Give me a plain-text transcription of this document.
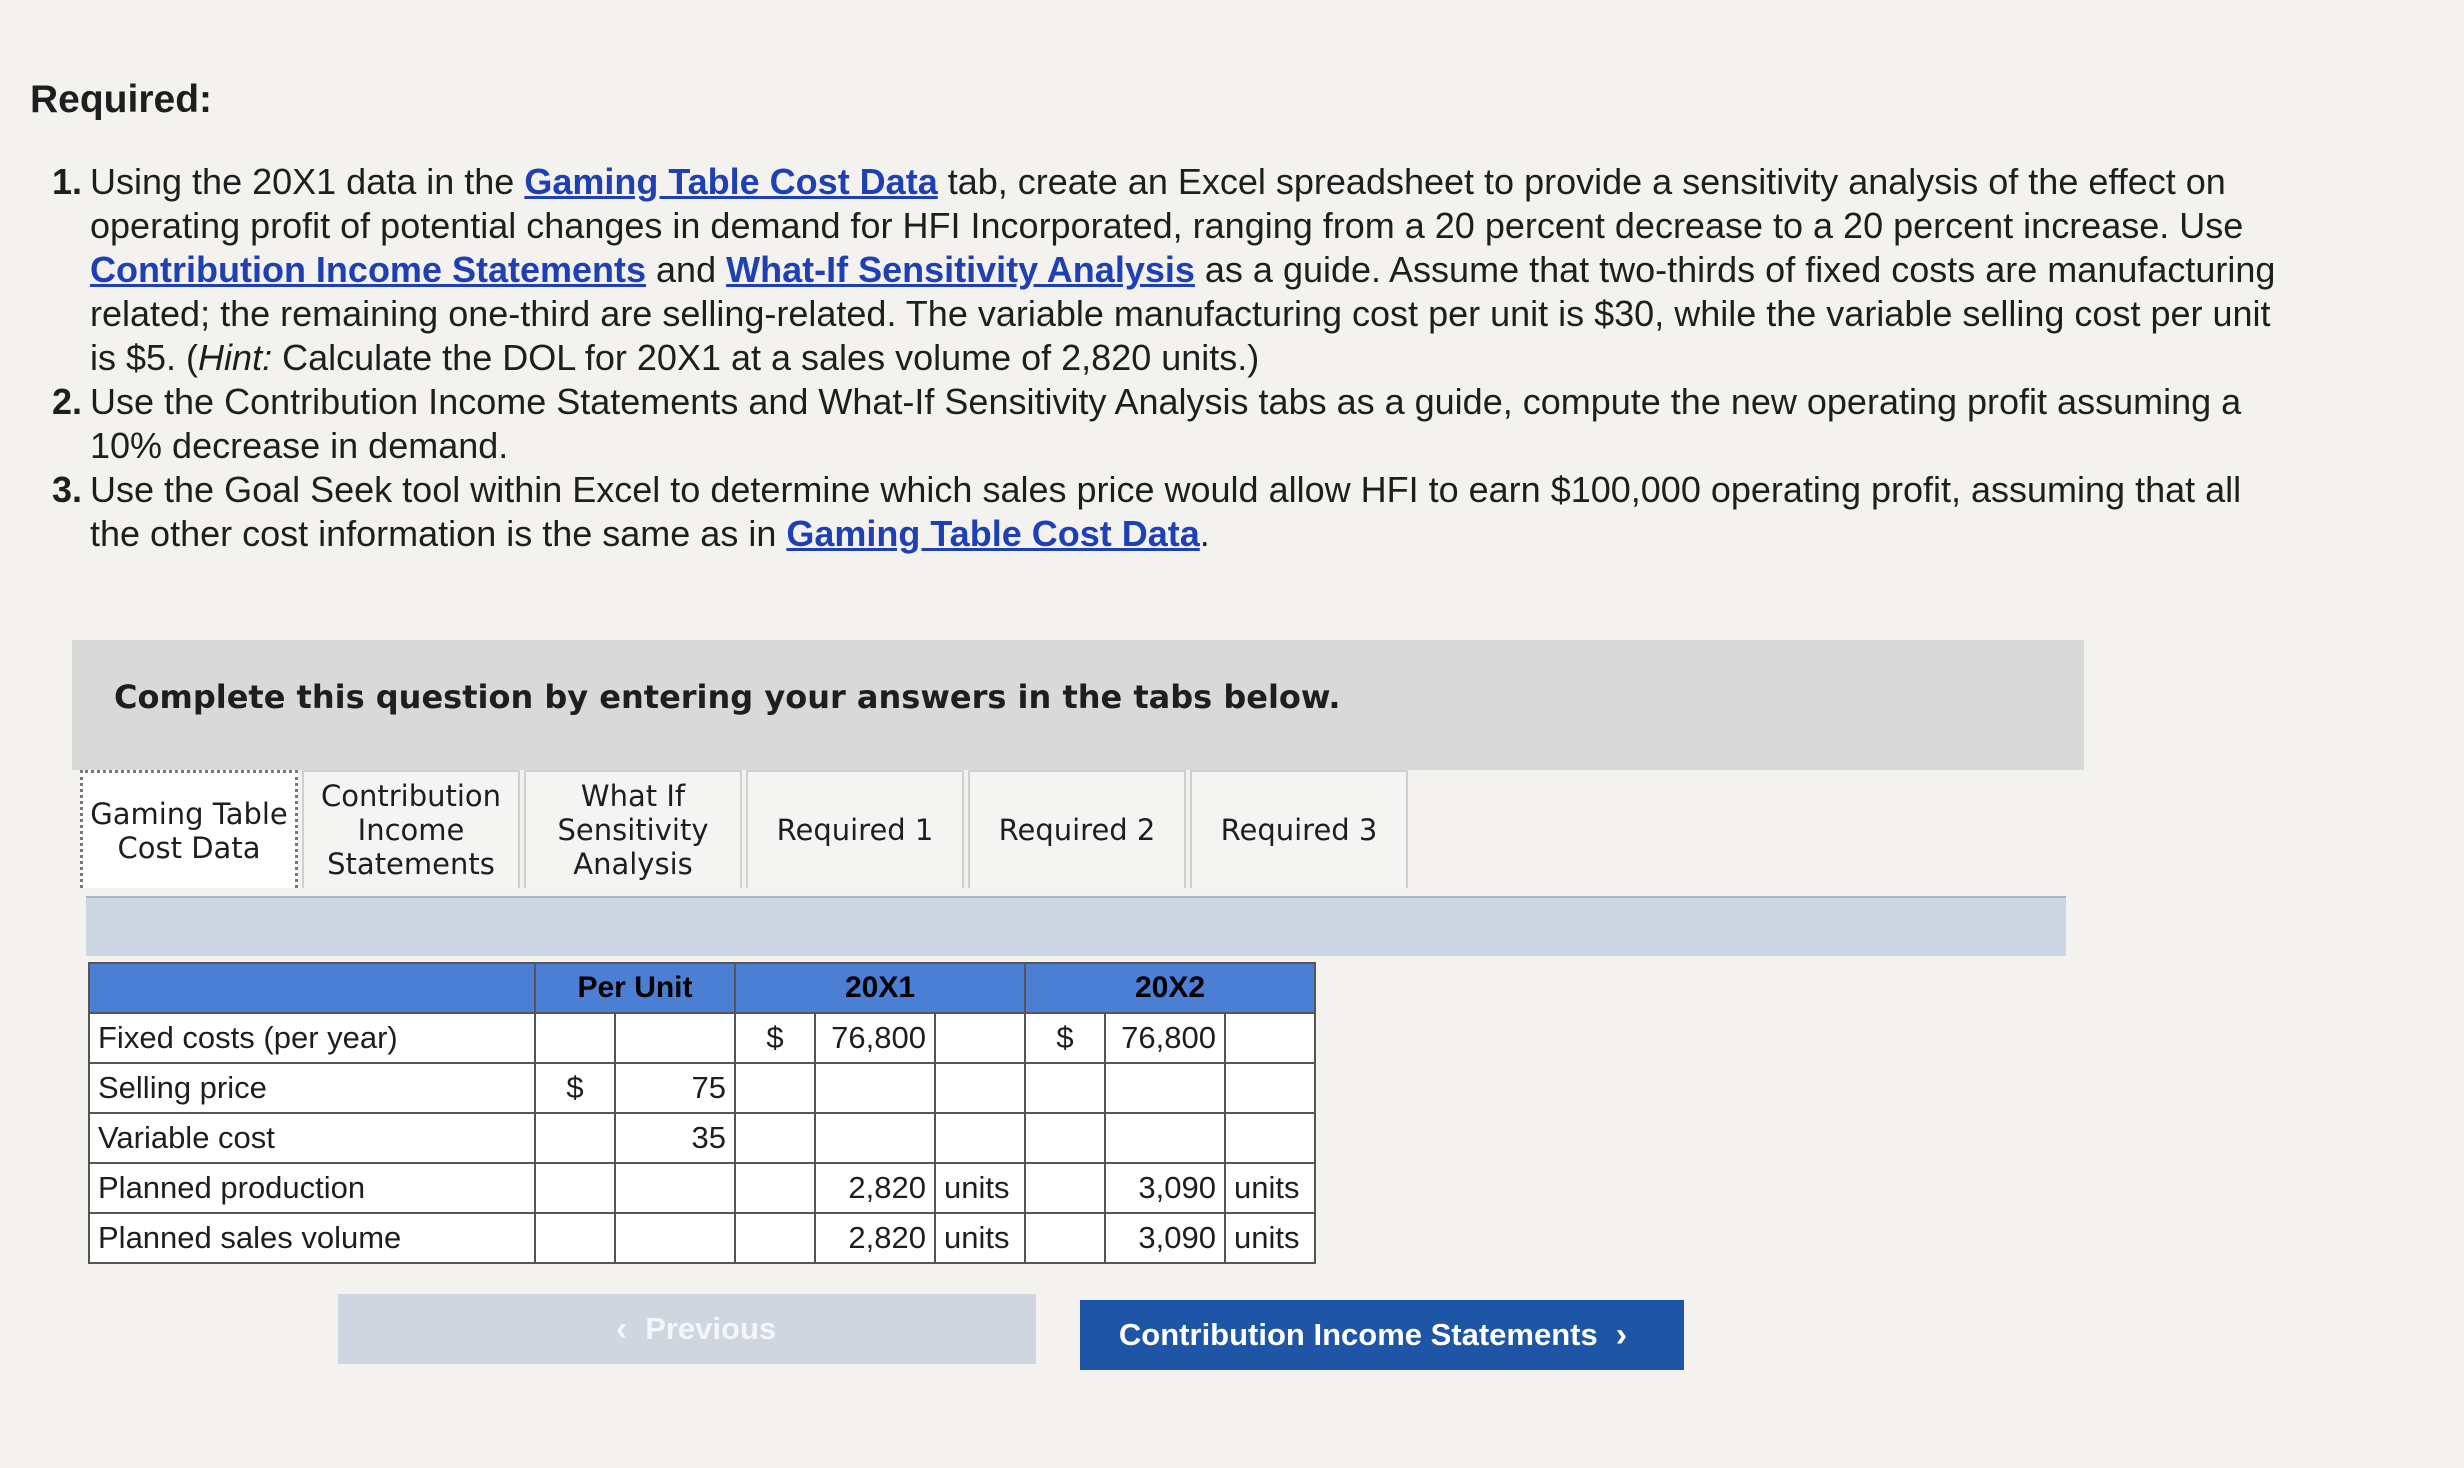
Required:
1. Using the 20X1 data in the Gaming Table Cost Data tab, create an Excel spreadsheet to provide a sensitivity analysis of the effect on operating profit of potential changes in demand for HFI Incorporated, ranging from a 20 percent decrease to a 20 percent increase. Use Contribution Income Statements and What-If Sensitivity Analysis as a guide. Assume that two-thirds of fixed costs are manufacturing related; the remaining one-third are selling-related. The variable manufacturing cost per unit is $30, while the variable selling cost per unit is $5. (Hint: Calculate the DOL for 20X1 at a sales volume of 2,820 units.)
2. Use the Contribution Income Statements and What-If Sensitivity Analysis tabs as a guide, compute the new operating profit assuming a 10% decrease in demand.
3. Use the Goal Seek tool within Excel to determine which sales price would allow HFI to earn $100,000 operating profit, assuming that all the other cost information is the same as in Gaming Table Cost Data.
Complete this question by entering your answers in the tabs below.
Gaming Table Cost Data
Contribution Income Statements
What If Sensitivity Analysis
Required 1	Required 2	Required 3
	Per Unit		20X1			20X2		
Fixed costs (per year)			$	76,800		$	76,800	
Selling price	$	75						
Variable cost		35						
Planned production				2,820	units		3,090	units
Planned sales volume				2,820	units		3,090	units
‹ Previous	Contribution Income Statements ›
